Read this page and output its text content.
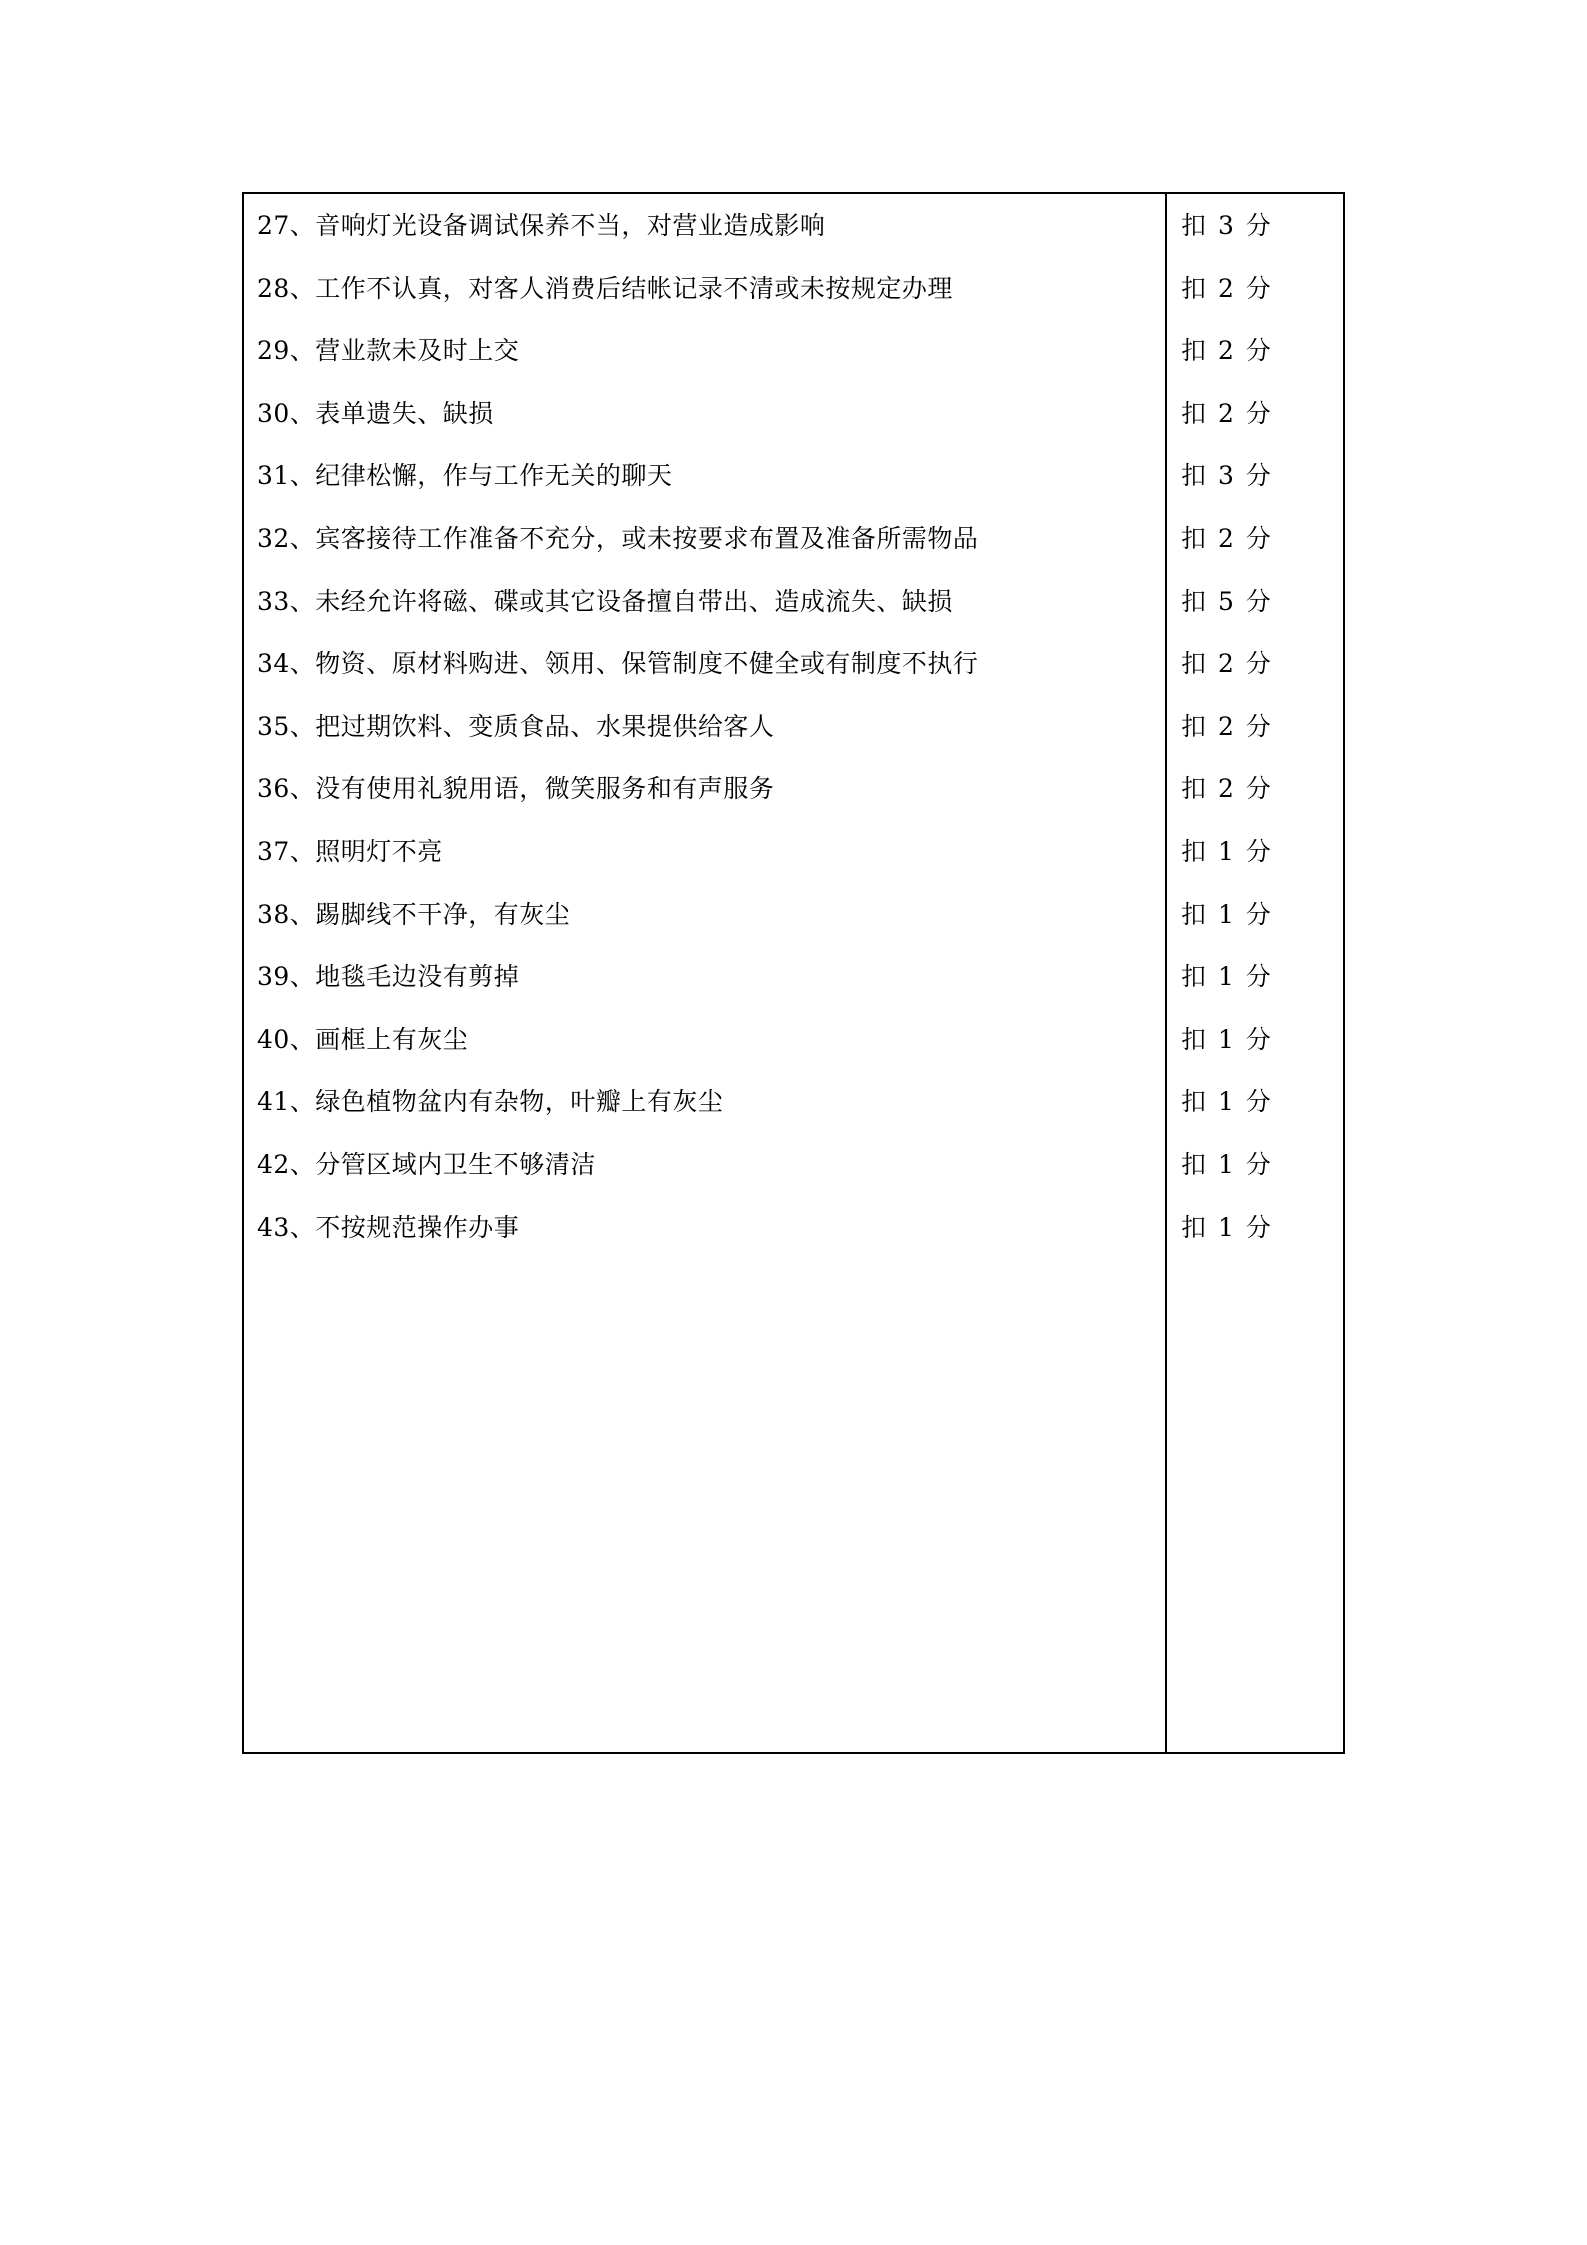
27、音响灯光设备调试保养不当，对营业造成影响	扣 3 分
28、工作不认真，对客人消费后结帐记录不清或未按规定办理	扣 2 分
29、营业款未及时上交	扣 2 分
30、表单遗失、缺损	扣 2 分
31、纪律松懈，作与工作无关的聊天	扣 3 分
32、宾客接待工作准备不充分，或未按要求布置及准备所需物品	扣 2 分
33、未经允许将磁、碟或其它设备擅自带出、造成流失、缺损	扣 5 分
34、物资、原材料购进、领用、保管制度不健全或有制度不执行	扣 2 分
35、把过期饮料、变质食品、水果提供给客人	扣 2 分
36、没有使用礼貌用语，微笑服务和有声服务	扣 2 分
37、照明灯不亮	扣 1 分
38、踢脚线不干净，有灰尘	扣 1 分
39、地毯毛边没有剪掉	扣 1 分
40、画框上有灰尘	扣 1 分
41、绿色植物盆内有杂物，叶瓣上有灰尘	扣 1 分
42、分管区域内卫生不够清洁	扣 1 分
43、不按规范操作办事	扣 1 分
